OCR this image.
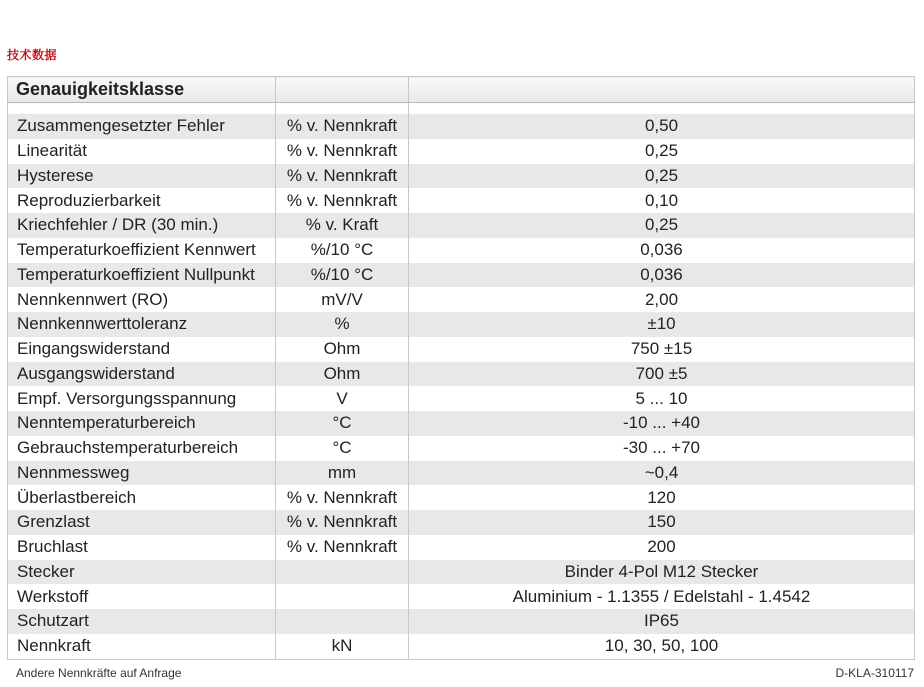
技术数据
Genauigkeitsklasse		

Zusammengesetzter Fehler	% v. Nennkraft	0,50
Linearität	% v. Nennkraft	0,25
Hysterese	% v. Nennkraft	0,25
Reproduzierbarkeit	% v. Nennkraft	0,10
Kriechfehler / DR (30 min.)	% v. Kraft	0,25
Temperaturkoeffizient Kennwert	%/10 °C	0,036
Temperaturkoeffizient Nullpunkt	%/10 °C	0,036
Nennkennwert (RO)	mV/V	2,00
Nennkennwerttoleranz	%	±10
Eingangswiderstand	Ohm	750 ±15
Ausgangswiderstand	Ohm	700 ±5
Empf. Versorgungsspannung	V	5 ... 10
Nenntemperaturbereich	°C	-10 ... +40
Gebrauchstemperaturbereich	°C	-30 ... +70
Nennmessweg	mm	~0,4
Überlastbereich	% v. Nennkraft	120
Grenzlast	% v. Nennkraft	150
Bruchlast	% v. Nennkraft	200
Stecker		Binder 4-Pol M12 Stecker
Werkstoff		Aluminium - 1.1355 / Edelstahl - 1.4542
Schutzart		IP65
Nennkraft	kN	10, 30, 50, 100
Andere Nennkräfte auf Anfrage	D-KLA-310117
